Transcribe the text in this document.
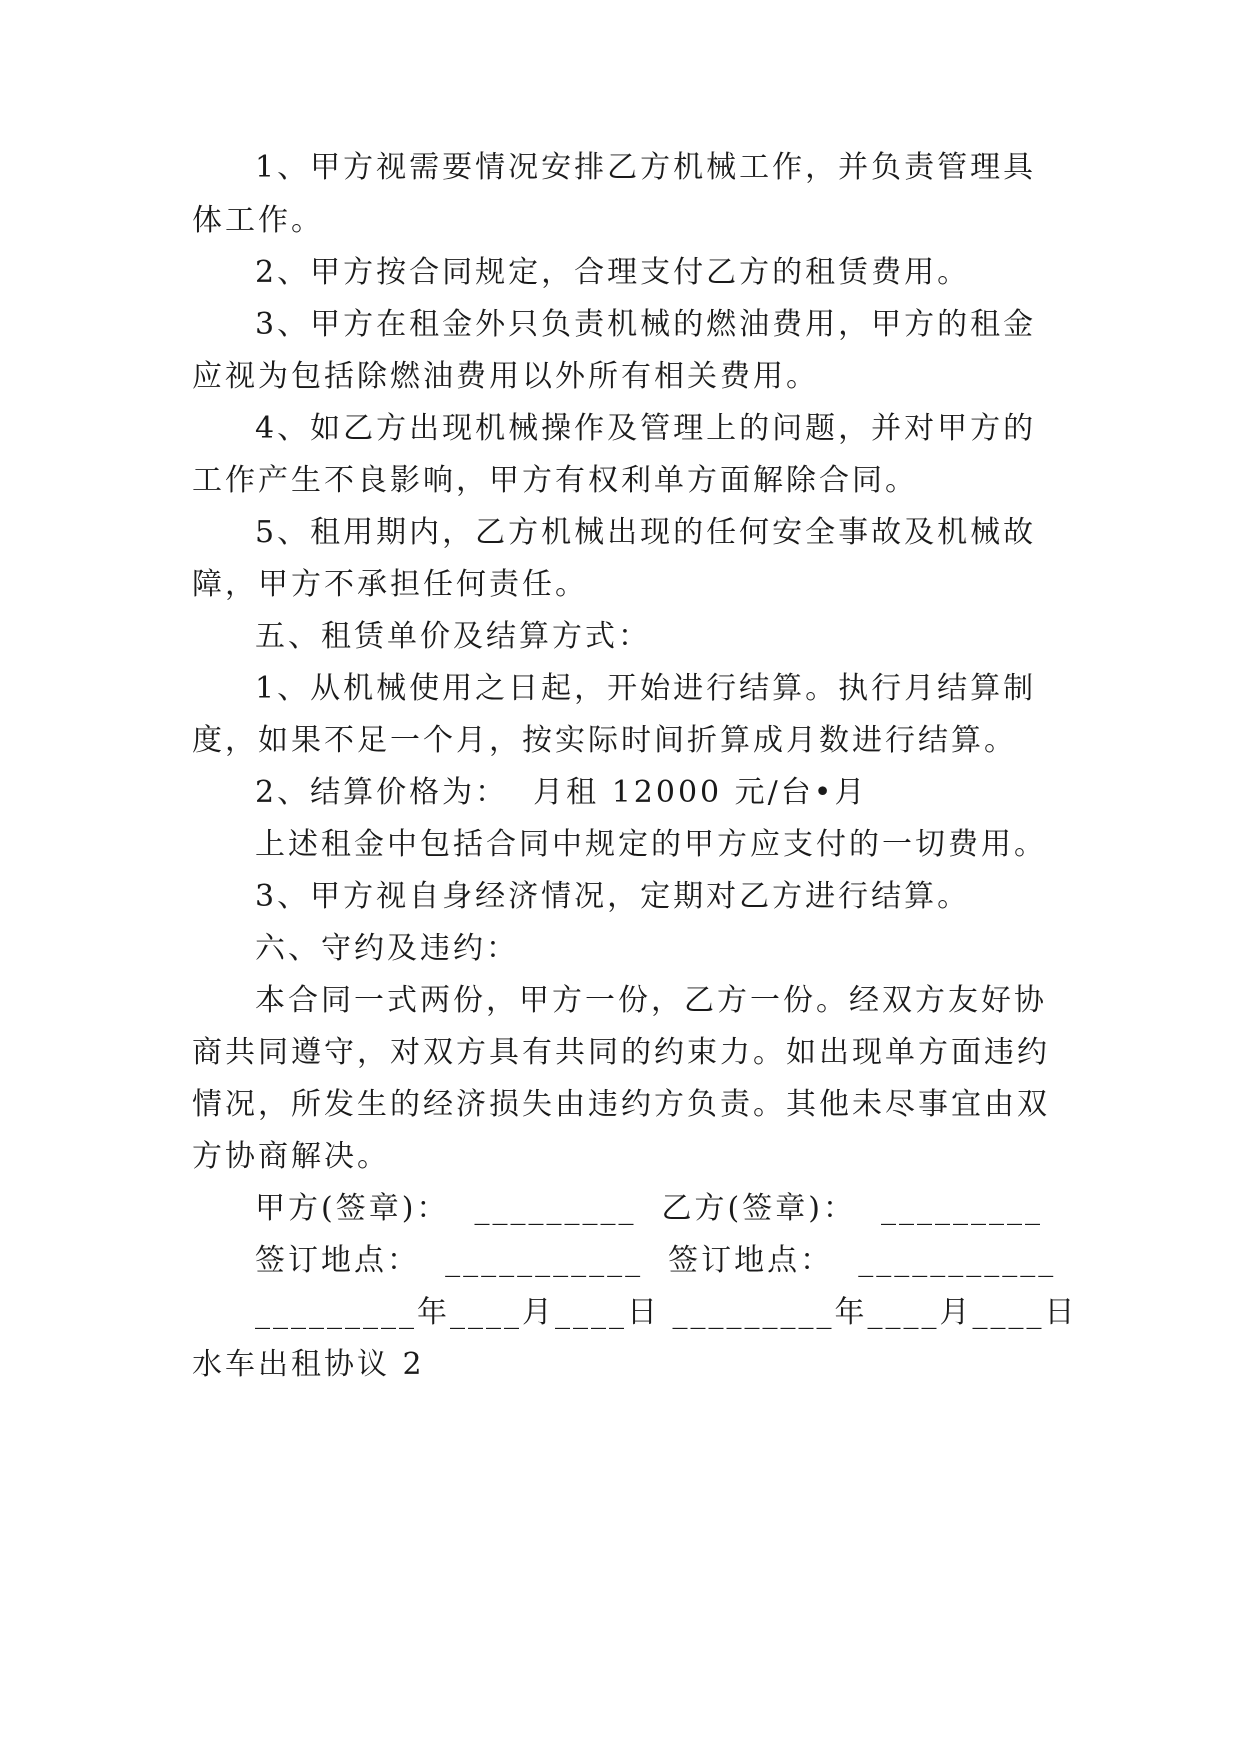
1、甲方视需要情况安排乙方机械工作，并负责管理具
体工作。
2、甲方按合同规定，合理支付乙方的租赁费用。
3、甲方在租金外只负责机械的燃油费用，甲方的租金
应视为包括除燃油费用以外所有相关费用。
4、如乙方出现机械操作及管理上的问题，并对甲方的
工作产生不良影响，甲方有权利单方面解除合同。
5、租用期内，乙方机械出现的任何安全事故及机械故
障，甲方不承担任何责任。
五、租赁单价及结算方式：
1、从机械使用之日起，开始进行结算。执行月结算制
度，如果不足一个月，按实际时间折算成月数进行结算。
2、结算价格为：  月租 12000 元/台•月
上述租金中包括合同中规定的甲方应支付的一切费用。
3、甲方视自身经济情况，定期对乙方进行结算。
六、守约及违约：
本合同一式两份，甲方一份，乙方一份。经双方友好协
商共同遵守，对双方具有共同的约束力。如出现单方面违约
情况，所发生的经济损失由违约方负责。其他未尽事宜由双
方协商解决。
甲方(签章)：  _________  乙方(签章)：  _________
签订地点：  ___________  签订地点：  ___________
_________年____月____日 _________年____月____日
水车出租协议 2
